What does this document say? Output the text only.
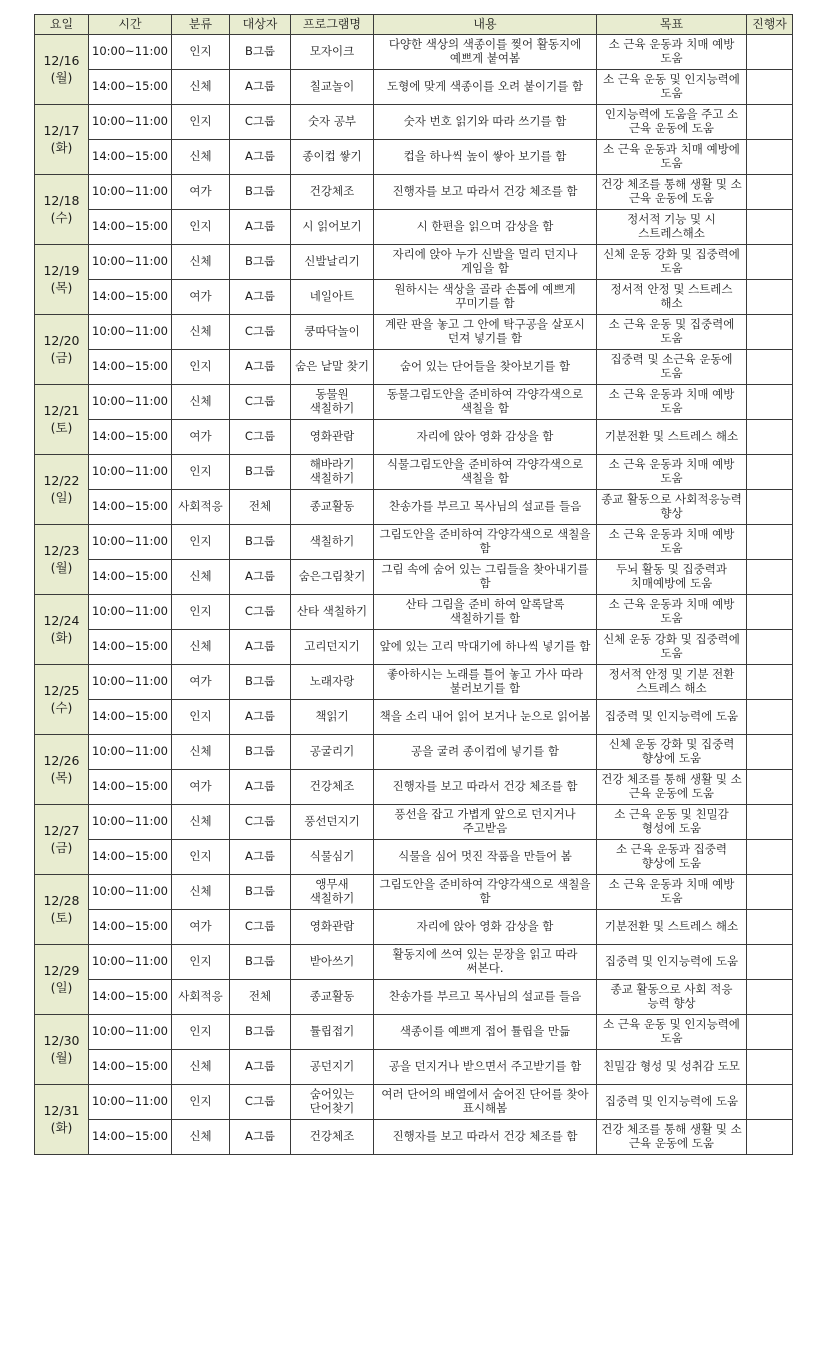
요일	시간	분류	대상자	프로그램명	내용	목표	진행자

12/16
(월)	10:00~11:00	인지	B그룹	모자이크	다양한 색상의 색종이를 찢어 활동지에 예쁘게 붙여봄	소 근육 운동과 치매 예방 도움	
	14:00~15:00	신체	A그룹	칠교놀이	도형에 맞게 색종이를 오려 붙이기를 함	소 근육 운동 및 인지능력에 도움	

12/17
(화)	10:00~11:00	인지	C그룹	숫자 공부	숫자 번호 읽기와 따라 쓰기를 함	인지능력에 도움을 주고 소 근육 운동에 도움	
	14:00~15:00	신체	A그룹	종이컵 쌓기	컵을 하나씩 높이 쌓아 보기를 함	소 근육 운동과 치매 예방에 도움	

12/18
(수)	10:00~11:00	여가	B그룹	건강체조	진행자를 보고 따라서 건강 체조를 함	건강 체조를 통해 생활 및 소 근육 운동에 도움	
	14:00~15:00	인지	A그룹	시 읽어보기	시 한편을 읽으며 감상을 함	정서적 기능 및 시 스트레스해소	

12/19
(목)	10:00~11:00	신체	B그룹	신발날리기	자리에 앉아 누가 신발을 멀리 던지나 게임을 함	신체 운동 강화 및 집중력에 도움	
	14:00~15:00	여가	A그룹	네일아트	원하시는 색상을 골라 손톱에 예쁘게 꾸미기를 함	정서적 안정 및 스트레스 해소	

12/20
(금)	10:00~11:00	신체	C그룹	쿵따닥놀이	계란 판을 놓고 그 안에 탁구공을 살포시 던져 넣기를 함	소 근육 운동 및 집중력에 도움	
	14:00~15:00	인지	A그룹	숨은 낱말 찾기	숨어 있는 단어들을 찾아보기를 함	집중력 및 소근육 운동에 도움	

12/21
(토)	10:00~11:00	신체	C그룹	동물원 색칠하기	동물그림도안을 준비하여 각양각색으로 색칠을 함	소 근육 운동과 치매 예방 도움	
	14:00~15:00	여가	C그룹	영화관람	자리에 앉아 영화 감상을 함	기분전환 및 스트레스 해소	

12/22
(일)	10:00~11:00	인지	B그룹	해바라기 색칠하기	식물그림도안을 준비하여 각양각색으로 색칠을 함	소 근육 운동과 치매 예방 도움	
	14:00~15:00	사회적응	전체	종교활동	찬송가를 부르고 목사님의 설교를 들음	종교 활동으로 사회적응능력 향상	

12/23
(월)	10:00~11:00	인지	B그룹	색칠하기	그림도안을 준비하여 각양각색으로 색칠을 함	소 근육 운동과 치매 예방 도움	
	14:00~15:00	신체	A그룹	숨은그림찾기	그림 속에 숨어 있는 그림들을 찾아내기를 함	두뇌 활동 및 집중력과 치매예방에 도움	

12/24
(화)	10:00~11:00	인지	C그룹	산타 색칠하기	산타 그림을 준비 하여 알록달록 색칠하기를 함	소 근육 운동과 치매 예방 도움	
	14:00~15:00	신체	A그룹	고리던지기	앞에 있는 고리 막대기에 하나씩 넣기를 함	신체 운동 강화 및 집중력에 도움	

12/25
(수)	10:00~11:00	여가	B그룹	노래자랑	좋아하시는 노래를 틀어 놓고 가사 따라 불러보기를 함	정서적 안정 및 기분 전환 스트레스 해소	
	14:00~15:00	인지	A그룹	책읽기	책을 소리 내어 읽어 보거나 눈으로 읽어봄	집중력 및 인지능력에 도움	

12/26
(목)	10:00~11:00	신체	B그룹	공굴리기	공을 굴려 종이컵에 넣기를 함	신체 운동 강화 및 집중력 향상에 도움	
	14:00~15:00	여가	A그룹	건강체조	진행자를 보고 따라서 건강 체조를 함	건강 체조를 통해 생활 및 소 근육 운동에 도움	

12/27
(금)	10:00~11:00	신체	C그룹	풍선던지기	풍선을 잡고 가볍게 앞으로 던지거나 주고받음	소 근육 운동 및 친밀감 형성에 도움	
	14:00~15:00	인지	A그룹	식물심기	식물을 심어 멋진 작품을 만들어 봄	소 근육 운동과 집중력 향상에 도움	

12/28
(토)	10:00~11:00	신체	B그룹	앵무새 색칠하기	그림도안을 준비하여 각양각색으로 색칠을 함	소 근육 운동과 치매 예방 도움	
	14:00~15:00	여가	C그룹	영화관람	자리에 앉아 영화 감상을 함	기분전환 및 스트레스 해소	

12/29
(일)	10:00~11:00	인지	B그룹	받아쓰기	활동지에 쓰여 있는 문장을 읽고 따라 써본다.	집중력 및 인지능력에 도움	
	14:00~15:00	사회적응	전체	종교활동	찬송가를 부르고 목사님의 설교를 들음	종교 활동으로 사회 적응 능력 향상	

12/30
(월)	10:00~11:00	인지	B그룹	튤립접기	색종이를 예쁘게 접어 튤립을 만듦	소 근육 운동 및 인지능력에 도움	
	14:00~15:00	신체	A그룹	공던지기	공을 던지거나 받으면서 주고받기를 함	친밀감 형성 및 성취감 도모	

12/31
(화)	10:00~11:00	인지	C그룹	숨어있는 단어찾기	여러 단어의 배열에서 숨어진 단어를 찾아 표시해봄	집중력 및 인지능력에 도움	
	14:00~15:00	신체	A그룹	건강체조	진행자를 보고 따라서 건강 체조를 함	건강 체조를 통해 생활 및 소 근육 운동에 도움	
